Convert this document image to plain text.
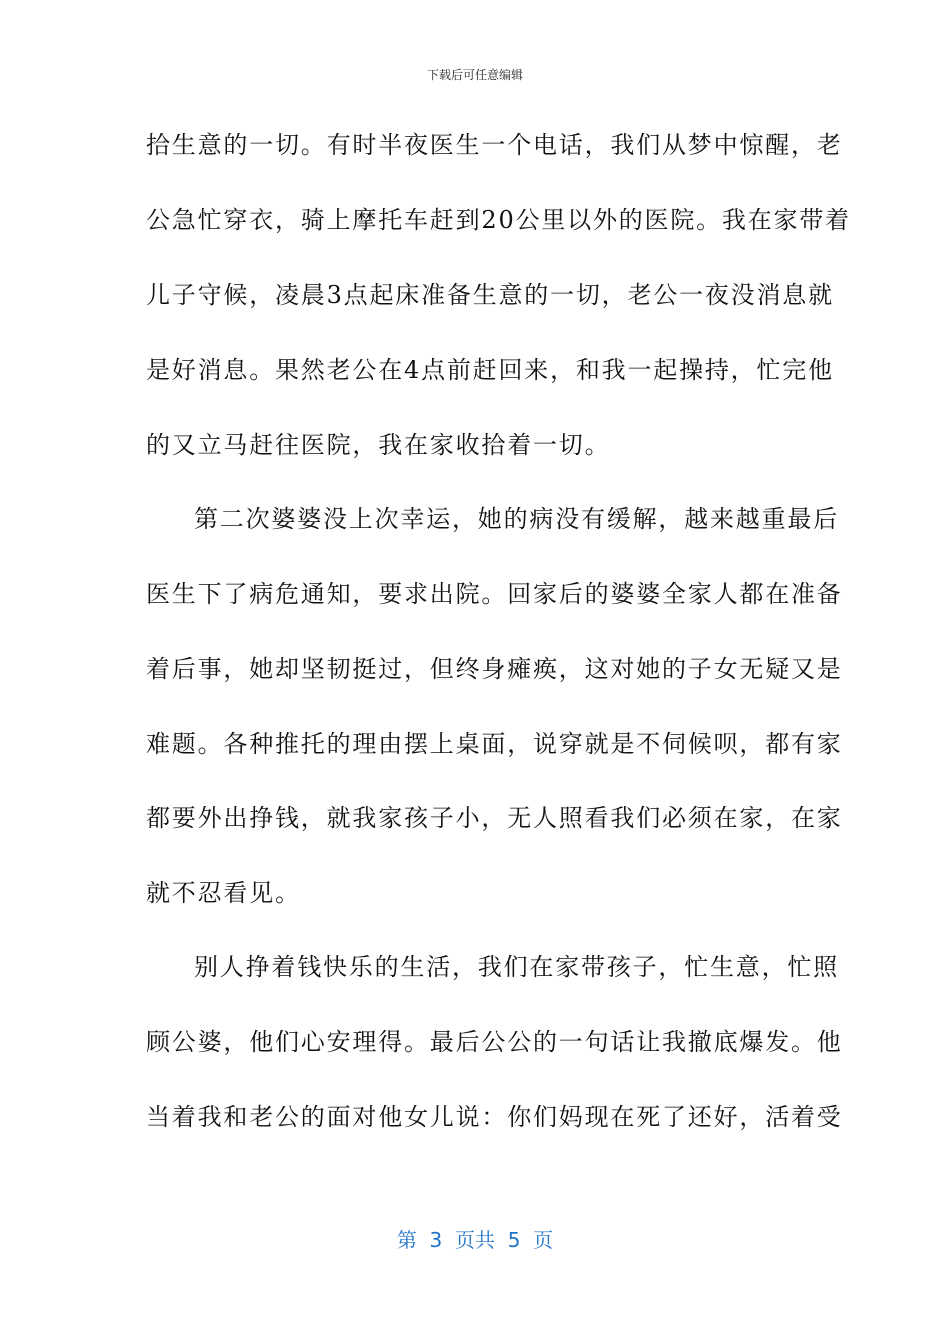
下载后可任意编辑
拾生意的一切。有时半夜医生一个电话，我们从梦中惊醒，老
公急忙穿衣，骑上摩托车赶到20公里以外的医院。我在家带着
儿子守候，凌晨3点起床准备生意的一切，老公一夜没消息就
是好消息。果然老公在4点前赶回来，和我一起操持，忙完他
的又立马赶往医院，我在家收拾着一切。
第二次婆婆没上次幸运，她的病没有缓解，越来越重最后
医生下了病危通知，要求出院。回家后的婆婆全家人都在准备
着后事，她却坚韧挺过，但终身瘫痪，这对她的子女无疑又是
难题。各种推托的理由摆上桌面，说穿就是不伺候呗，都有家
都要外出挣钱，就我家孩子小，无人照看我们必须在家，在家
就不忍看见。
别人挣着钱快乐的生活，我们在家带孩子，忙生意，忙照
顾公婆，他们心安理得。最后公公的一句话让我撤底爆发。他
当着我和老公的面对他女儿说：你们妈现在死了还好，活着受
第  3  页共  5  页
